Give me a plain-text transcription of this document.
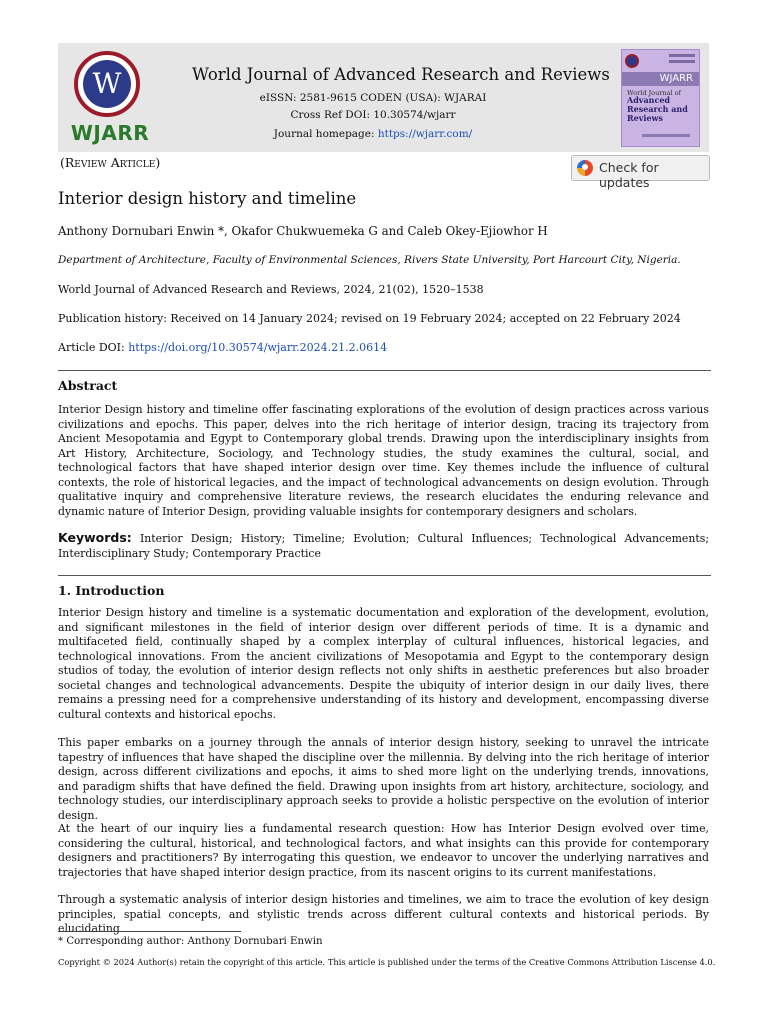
W
WJARR
World Journal of Advanced Research and Reviews
eISSN: 2581-9615 CODEN (USA): WJARAI
Cross Ref DOI: 10.30574/wjarr
Journal homepage: https://wjarr.com/
WJARR
World Journal of
Advanced
Research and
Reviews
(Review Article)	Check for updates
Interior design history and timeline
Anthony Dornubari Enwin *, Okafor Chukwuemeka G and Caleb Okey-Ejiowhor H
Department of Architecture, Faculty of Environmental Sciences, Rivers State University, Port Harcourt City, Nigeria.
World Journal of Advanced Research and Reviews, 2024, 21(02), 1520–1538
Publication history: Received on 14 January 2024; revised on 19 February 2024; accepted on 22 February 2024
Article DOI: https://doi.org/10.30574/wjarr.2024.21.2.0614
Abstract
Interior Design history and timeline offer fascinating explorations of the evolution of design practices across various civilizations and epochs. This paper, delves into the rich heritage of interior design, tracing its trajectory from Ancient Mesopotamia and Egypt to Contemporary global trends. Drawing upon the interdisciplinary insights from Art History, Architecture, Sociology, and Technology studies, the study examines the cultural, social, and technological factors that have shaped interior design over time. Key themes include the influence of cultural contexts, the role of historical legacies, and the impact of technological advancements on design evolution. Through qualitative inquiry and comprehensive literature reviews, the research elucidates the enduring relevance and dynamic nature of Interior Design, providing valuable insights for contemporary designers and scholars.
Keywords: Interior Design; History; Timeline; Evolution; Cultural Influences; Technological Advancements; Interdisciplinary Study; Contemporary Practice
1. Introduction
Interior Design history and timeline is a systematic documentation and exploration of the development, evolution, and significant milestones in the field of interior design over different periods of time. It is a dynamic and multifaceted field, continually shaped by a complex interplay of cultural influences, historical legacies, and technological innovations. From the ancient civilizations of Mesopotamia and Egypt to the contemporary design studios of today, the evolution of interior design reflects not only shifts in aesthetic preferences but also broader societal changes and technological advancements. Despite the ubiquity of interior design in our daily lives, there remains a pressing need for a comprehensive understanding of its history and development, encompassing diverse cultural contexts and historical epochs.
This paper embarks on a journey through the annals of interior design history, seeking to unravel the intricate tapestry of influences that have shaped the discipline over the millennia. By delving into the rich heritage of interior design, across different civilizations and epochs, it aims to shed more light on the underlying trends, innovations, and paradigm shifts that have defined the field. Drawing upon insights from art history, architecture, sociology, and technology studies, our interdisciplinary approach seeks to provide a holistic perspective on the evolution of interior design.
At the heart of our inquiry lies a fundamental research question: How has Interior Design evolved over time, considering the cultural, historical, and technological factors, and what insights can this provide for contemporary designers and practitioners? By interrogating this question, we endeavor to uncover the underlying narratives and trajectories that have shaped interior design practice, from its nascent origins to its current manifestations.
Through a systematic analysis of interior design histories and timelines, we aim to trace the evolution of key design principles, spatial concepts, and stylistic trends across different cultural contexts and historical periods. By elucidating
* Corresponding author: Anthony Dornubari Enwin
Copyright © 2024 Author(s) retain the copyright of this article. This article is published under the terms of the Creative Commons Attribution Liscense 4.0.
